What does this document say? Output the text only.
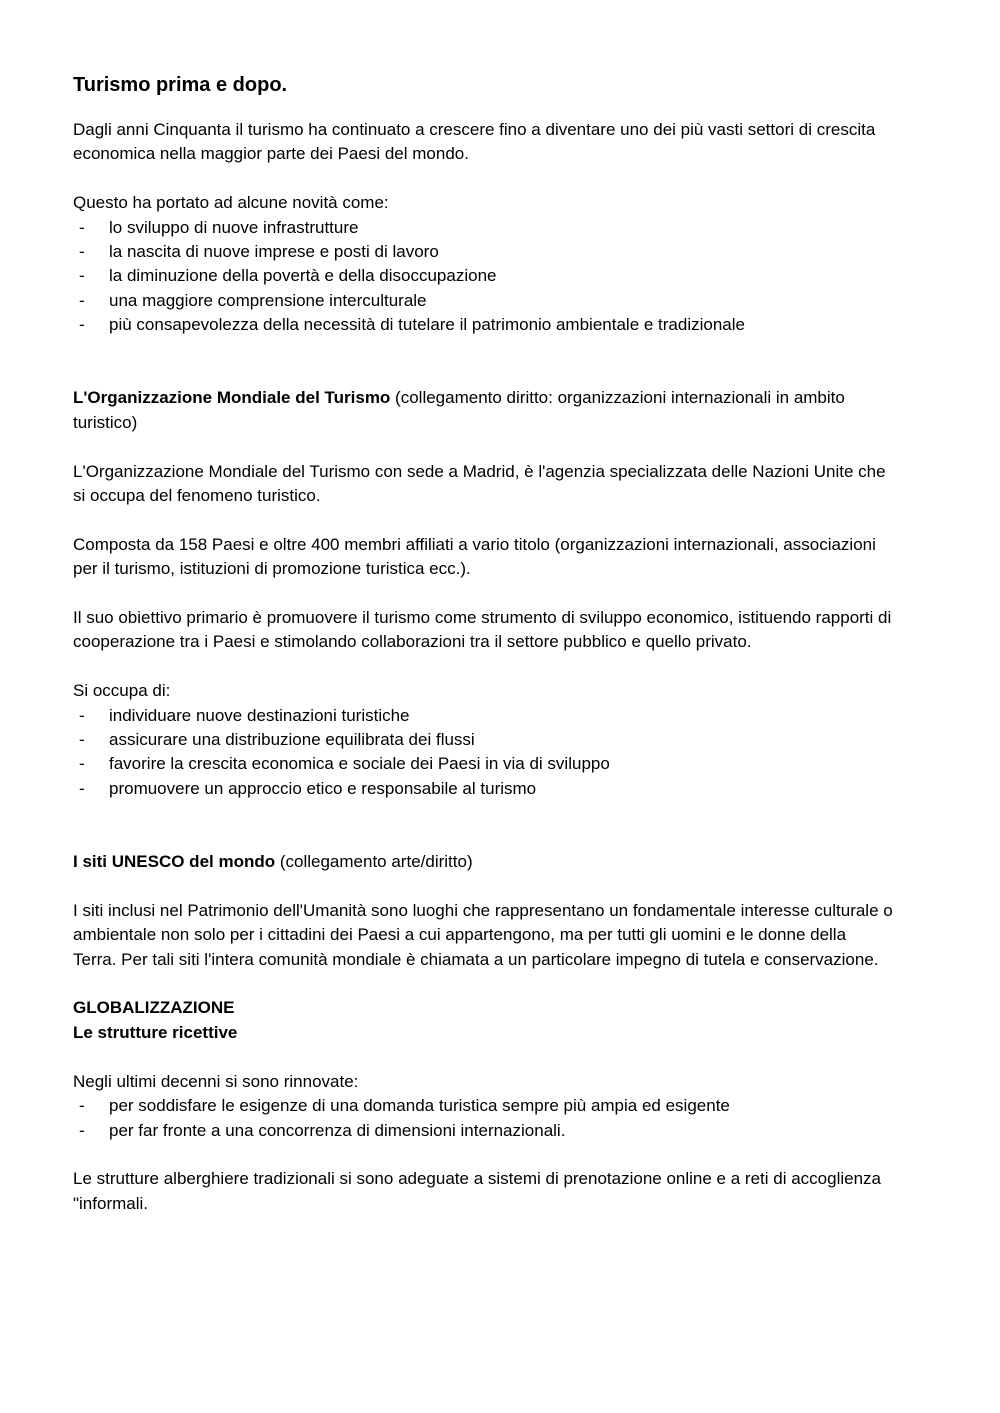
Turismo prima e dopo.

Dagli anni Cinquanta il turismo ha continuato a crescere fino a diventare uno dei più vasti settori di crescita economica nella maggior parte dei Paesi del mondo.

Questo ha portato ad alcune novità come:

- lo sviluppo di nuove infrastrutture
- la nascita di nuove imprese e posti di lavoro
- la diminuzione della povertà e della disoccupazione
- una maggiore comprensione interculturale
- più consapevolezza della necessità di tutelare il patrimonio ambientale e tradizionale

L'Organizzazione Mondiale del Turismo (collegamento diritto: organizzazioni internazionali in ambito turistico)

L'Organizzazione Mondiale del Turismo con sede a Madrid, è l'agenzia specializzata delle Nazioni Unite che si occupa del fenomeno turistico.

Composta da 158 Paesi e oltre 400 membri affiliati a vario titolo (organizzazioni internazionali, associazioni per il turismo, istituzioni di promozione turistica ecc.).

Il suo obiettivo primario è promuovere il turismo come strumento di sviluppo economico, istituendo rapporti di cooperazione tra i Paesi e stimolando collaborazioni tra il settore pubblico e quello privato.

Si occupa di:

- individuare nuove destinazioni turistiche
- assicurare una distribuzione equilibrata dei flussi
- favorire la crescita economica e sociale dei Paesi in via di sviluppo
- promuovere un approccio etico e responsabile al turismo

I siti UNESCO del mondo (collegamento arte/diritto)

I siti inclusi nel Patrimonio dell'Umanità sono luoghi che rappresentano un fondamentale interesse culturale o ambientale non solo per i cittadini dei Paesi a cui appartengono, ma per tutti gli uomini e le donne della Terra. Per tali siti l'intera comunità mondiale è chiamata a un particolare impegno di tutela e conservazione.

GLOBALIZZAZIONE

Le strutture ricettive

Negli ultimi decenni si sono rinnovate:

- per soddisfare le esigenze di una domanda turistica sempre più ampia ed esigente
- per far fronte a una concorrenza di dimensioni internazionali.

Le strutture alberghiere tradizionali si sono adeguate a sistemi di prenotazione online e a reti di accoglienza "informali.
